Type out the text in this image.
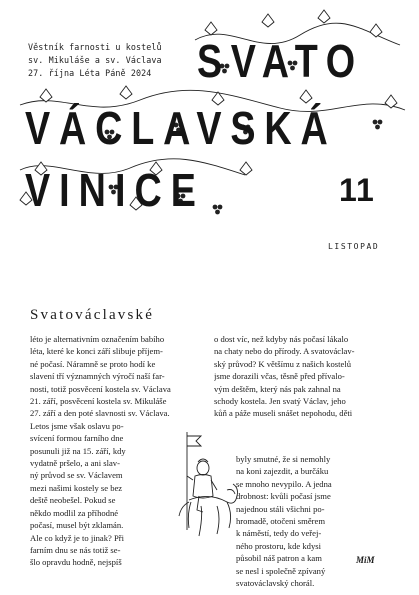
Věstník farnosti u kostelů
sv. Mikuláše a sv. Václava
27. října Léta Páně 2024 SVATO
VÁCLAVSKÁ
VINICE	11
LISTOPAD
Svatováclavské
léto je alternativním označením babího
léta, které ke konci září slibuje příjem-
né počasí. Náramně se proto hodí ke
slavení tří významných výročí naší far-
nosti, totiž posvěcení kostela sv. Václava
21. září, posvěcení kostela sv. Mikuláše
27. září a den poté slavnosti sv. Václava.
Letos jsme však oslavu po-
svícení formou farního dne
posunuli již na 15. září, kdy
vydatně pršelo, a ani slav-
ný průvod se sv. Václavem
mezi našimi kostely se bez
deště neobešel. Pokud se
někdo modlil za příhodné
počasí, musel být zklamán.
Ale co když je to jinak? Při
farním dnu se nás totiž se-
šlo opravdu hodně, nejspíš
o dost víc, než kdyby nás počasí lákalo
na chaty nebo do přírody. A svatováclav-
ský průvod? K většímu z našich kostelů
jsme dorazili včas, těsně před přívalo-
vým deštěm, který nás pak zahnal na
schody kostela. Jen svatý Václav, jeho
kůň a páže museli snášet nepohodu, děti
byly smutné, že si nemohly
na koni zajezdit, a burčáku
se mnoho nevypilo. A jedna
drobnost: kvůli počasí jsme
najednou stáli všichni po-
hromadě, otočeni směrem
k náměstí, tedy do veřej-
ného prostoru, kde kdysi
působil náš patron a kam
se nesl i společně zpívaný
svatováclavský chorál.
MiM
